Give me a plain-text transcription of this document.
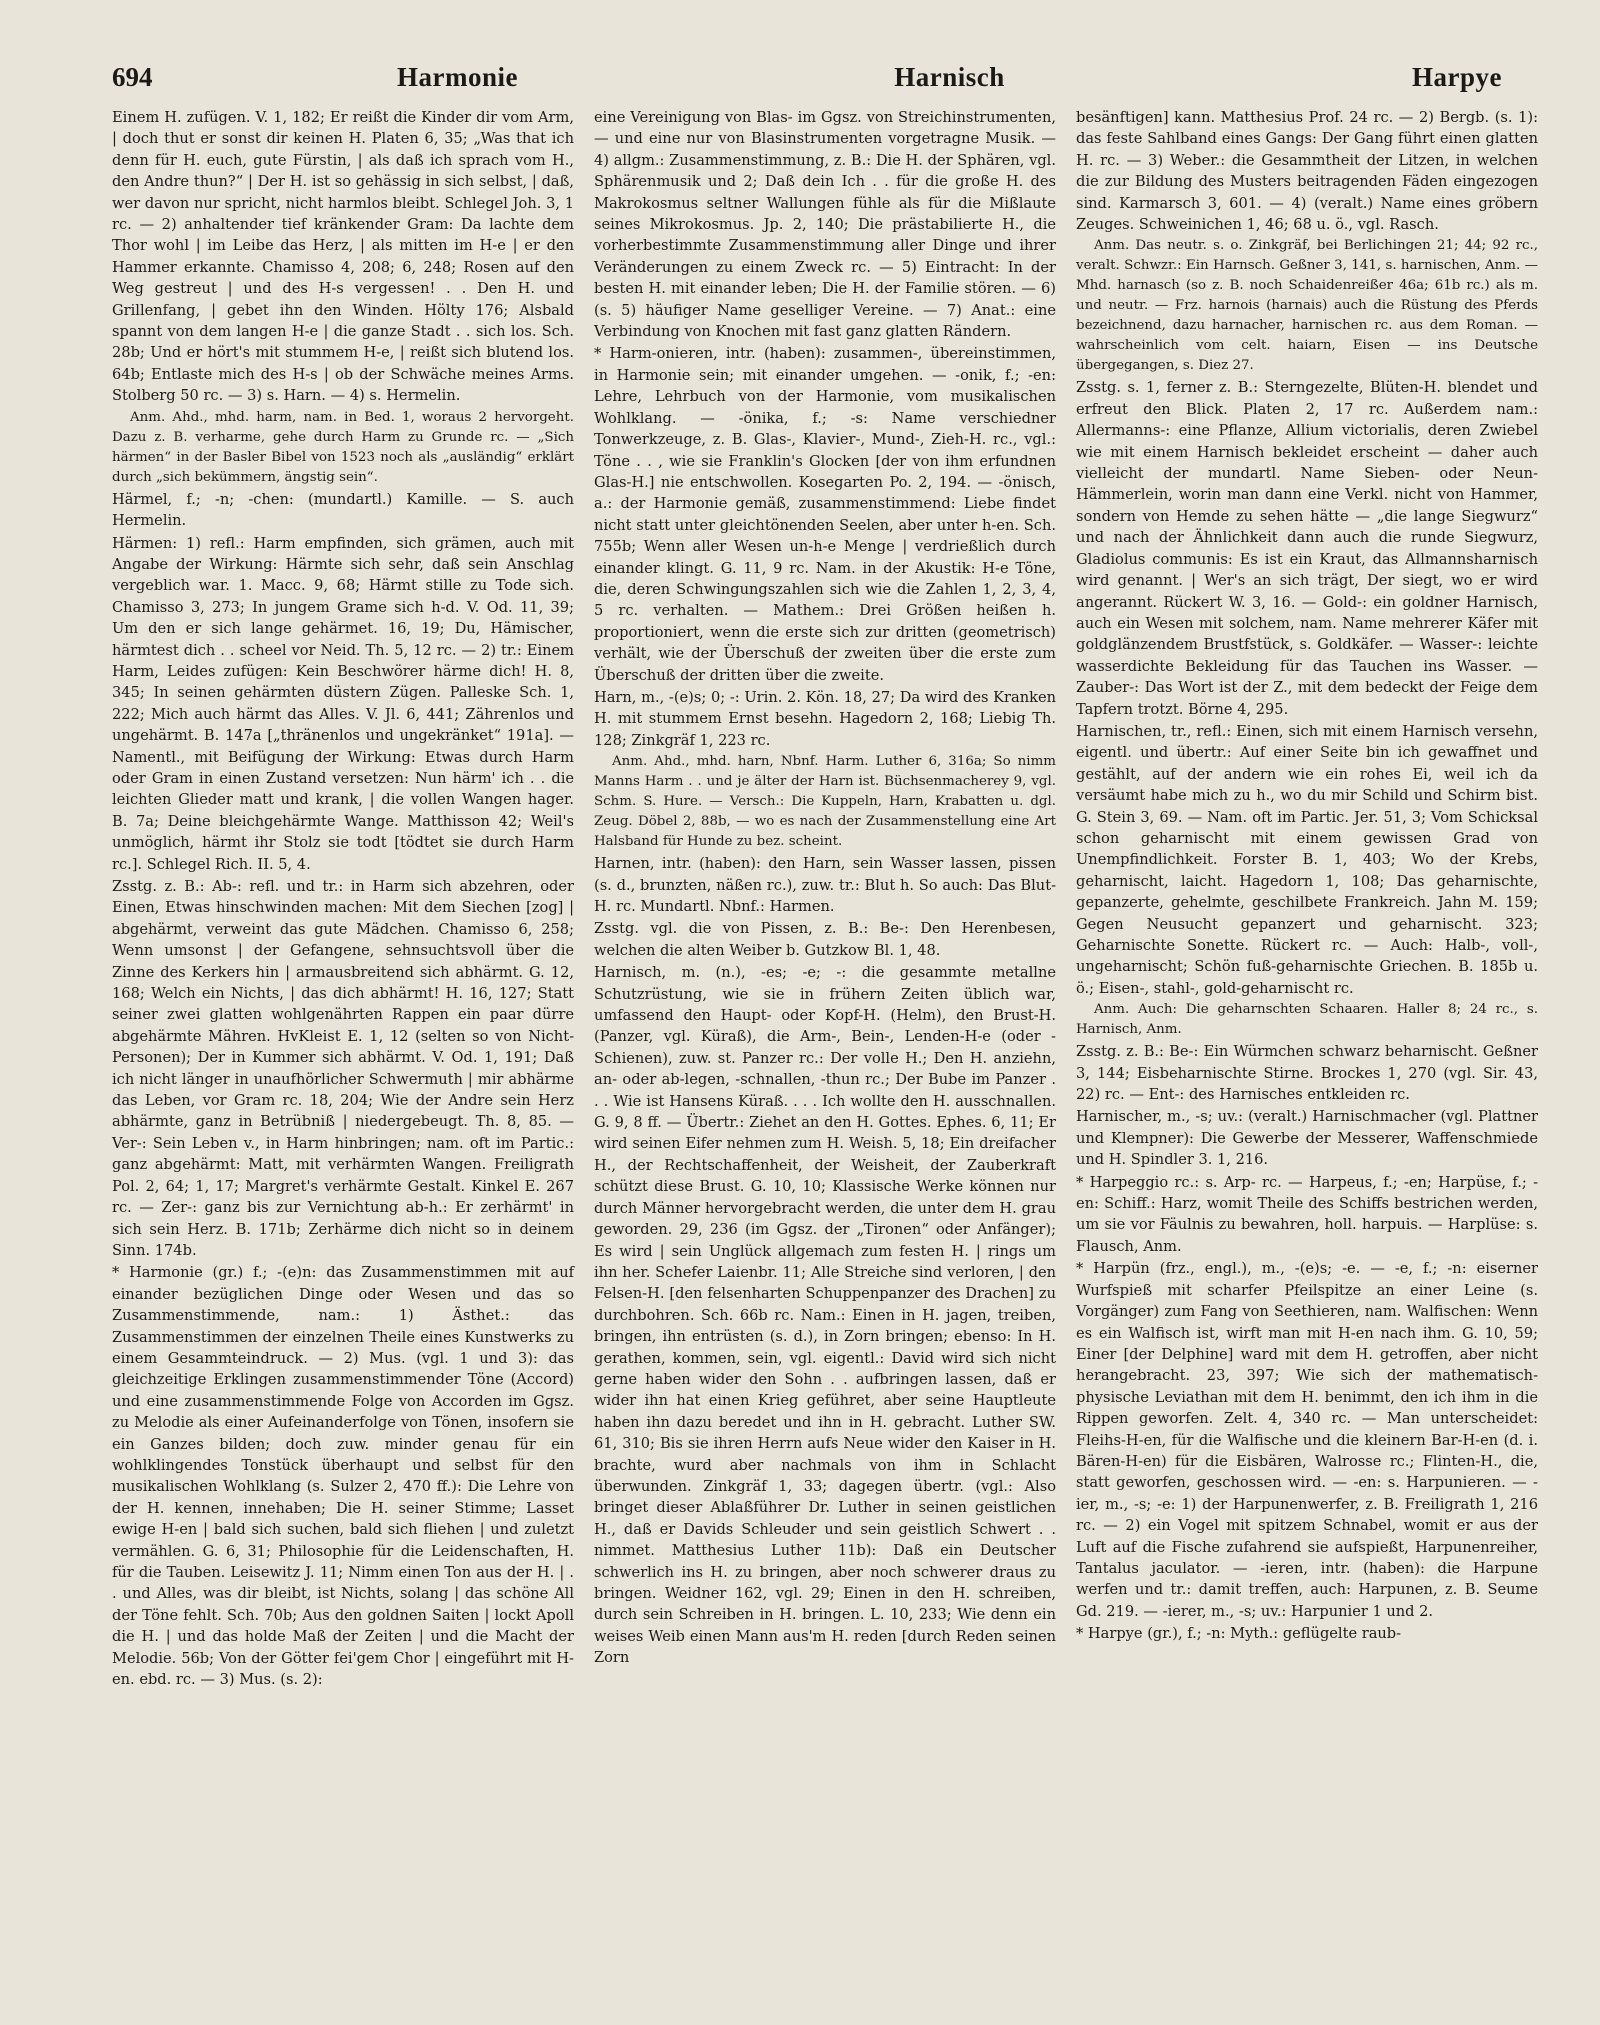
694	Harmonie	Harnisch	Harpye

Einem H. zufügen. V. 1, 182; Er reißt die Kinder dir vom Arm, | doch thut er sonst dir keinen H. Platen 6, 35; „Was that ich denn für H. euch, gute Fürstin, | als daß ich sprach vom H., den Andre thun?“ | Der H. ist so gehässig in sich selbst, | daß, wer davon nur spricht, nicht harmlos bleibt. Schlegel Joh. 3, 1 rc. — 2) anhaltender tief kränkender Gram: Da lachte dem Thor wohl | im Leibe das Herz, | als mitten im H-e | er den Hammer erkannte. Chamisso 4, 208; 6, 248; Rosen auf den Weg gestreut | und des H-s vergessen! . . Den H. und Grillenfang, | gebet ihn den Winden. Hölty 176; Alsbald spannt von dem langen H-e | die ganze Stadt . . sich los. Sch. 28b; Und er hört's mit stummem H-e, | reißt sich blutend los. 64b; Entlaste mich des H-s | ob der Schwäche meines Arms. Stolberg 50 rc. — 3) s. Harn. — 4) s. Hermelin.

Anm. Ahd., mhd. harm, nam. in Bed. 1, woraus 2 hervorgeht. Dazu z. B. verharme, gehe durch Harm zu Grunde rc. — „Sich härmen“ in der Basler Bibel von 1523 noch als „ausländig“ erklärt durch „sich bekümmern, ängstig sein“.

Härmel, f.; -n; -chen: (mundartl.) Kamille. — S. auch Hermelin.

Härmen: 1) refl.: Harm empfinden, sich grämen, auch mit Angabe der Wirkung: Härmte sich sehr, daß sein Anschlag vergeblich war. 1. Macc. 9, 68; Härmt stille zu Tode sich. Chamisso 3, 273; In jungem Grame sich h-d. V. Od. 11, 39; Um den er sich lange gehärmet. 16, 19; Du, Hämischer, härmtest dich . . scheel vor Neid. Th. 5, 12 rc. — 2) tr.: Einem Harm, Leides zufügen: Kein Beschwörer härme dich! H. 8, 345; In seinen gehärmten düstern Zügen. Palleske Sch. 1, 222; Mich auch härmt das Alles. V. Jl. 6, 441; Zährenlos und ungehärmt. B. 147a [„thränenlos und ungekränket“ 191a]. — Namentl., mit Beifügung der Wirkung: Etwas durch Harm oder Gram in einen Zustand versetzen: Nun härm' ich . . die leichten Glieder matt und krank, | die vollen Wangen hager. B. 7a; Deine bleichgehärmte Wange. Matthisson 42; Weil's unmöglich, härmt ihr Stolz sie todt [tödtet sie durch Harm rc.]. Schlegel Rich. II. 5, 4.

Zsstg. z. B.: Ab-: refl. und tr.: in Harm sich abzehren, oder Einen, Etwas hinschwinden machen: Mit dem Siechen [zog] | abgehärmt, verweint das gute Mädchen. Chamisso 6, 258; Wenn umsonst | der Gefangene, sehnsuchtsvoll über die Zinne des Kerkers hin | armausbreitend sich abhärmt. G. 12, 168; Welch ein Nichts, | das dich abhärmt! H. 16, 127; Statt seiner zwei glatten wohlgenährten Rappen ein paar dürre abgehärmte Mähren. HvKleist E. 1, 12 (selten so von Nicht-Personen); Der in Kummer sich abhärmt. V. Od. 1, 191; Daß ich nicht länger in unaufhörlicher Schwermuth | mir abhärme das Leben, vor Gram rc. 18, 204; Wie der Andre sein Herz abhärmte, ganz in Betrübniß | niedergebeugt. Th. 8, 85. — Ver-: Sein Leben v., in Harm hinbringen; nam. oft im Partic.: ganz abgehärmt: Matt, mit verhärmten Wangen. Freiligrath Pol. 2, 64; 1, 17; Margret's verhärmte Gestalt. Kinkel E. 267 rc. — Zer-: ganz bis zur Vernichtung ab-h.: Er zerhärmt' in sich sein Herz. B. 171b; Zerhärme dich nicht so in deinem Sinn. 174b.

* Harmonie (gr.) f.; -(e)n: das Zusammenstimmen mit auf einander bezüglichen Dinge oder Wesen und das so Zusammenstimmende, nam.: 1) Ästhet.: das Zusammenstimmen der einzelnen Theile eines Kunstwerks zu einem Gesammteindruck. — 2) Mus. (vgl. 1 und 3): das gleichzeitige Erklingen zusammenstimmender Töne (Accord) und eine zusammenstimmende Folge von Accorden im Ggsz. zu Melodie als einer Aufeinanderfolge von Tönen, insofern sie ein Ganzes bilden; doch zuw. minder genau für ein wohlklingendes Tonstück überhaupt und selbst für den musikalischen Wohlklang (s. Sulzer 2, 470 ff.): Die Lehre von der H. kennen, innehaben; Die H. seiner Stimme; Lasset ewige H-en | bald sich suchen, bald sich fliehen | und zuletzt vermählen. G. 6, 31; Philosophie für die Leidenschaften, H. für die Tauben. Leisewitz J. 11; Nimm einen Ton aus der H. | . . und Alles, was dir bleibt, ist Nichts, solang | das schöne All der Töne fehlt. Sch. 70b; Aus den goldnen Saiten | lockt Apoll die H. | und das holde Maß der Zeiten | und die Macht der Melodie. 56b; Von der Götter fei'gem Chor | eingeführt mit H-en. ebd. rc. — 3) Mus. (s. 2):

eine Vereinigung von Blas- im Ggsz. von Streichinstrumenten, — und eine nur von Blasinstrumenten vorgetragne Musik. — 4) allgm.: Zusammenstimmung, z. B.: Die H. der Sphären, vgl. Sphärenmusik und 2; Daß dein Ich . . für die große H. des Makrokosmus seltner Wallungen fühle als für die Mißlaute seines Mikrokosmus. Jp. 2, 140; Die prästabilierte H., die vorherbestimmte Zusammenstimmung aller Dinge und ihrer Veränderungen zu einem Zweck rc. — 5) Eintracht: In der besten H. mit einander leben; Die H. der Familie stören. — 6) (s. 5) häufiger Name geselliger Vereine. — 7) Anat.: eine Verbindung von Knochen mit fast ganz glatten Rändern.

* Harm-onieren, intr. (haben): zusammen-, übereinstimmen, in Harmonie sein; mit einander umgehen. — -onik, f.; -en: Lehre, Lehrbuch von der Harmonie, vom musikalischen Wohlklang. — -önika, f.; -s: Name verschiedner Tonwerkzeuge, z. B. Glas-, Klavier-, Mund-, Zieh-H. rc., vgl.: Töne . . , wie sie Franklin's Glocken [der von ihm erfundnen Glas-H.] nie entschwollen. Kosegarten Po. 2, 194. — -önisch, a.: der Harmonie gemäß, zusammenstimmend: Liebe findet nicht statt unter gleichtönenden Seelen, aber unter h-en. Sch. 755b; Wenn aller Wesen un-h-e Menge | verdrießlich durch einander klingt. G. 11, 9 rc. Nam. in der Akustik: H-e Töne, die, deren Schwingungszahlen sich wie die Zahlen 1, 2, 3, 4, 5 rc. verhalten. — Mathem.: Drei Größen heißen h. proportioniert, wenn die erste sich zur dritten (geometrisch) verhält, wie der Überschuß der zweiten über die erste zum Überschuß der dritten über die zweite.

Harn, m., -(e)s; 0; -: Urin. 2. Kön. 18, 27; Da wird des Kranken H. mit stummem Ernst besehn. Hagedorn 2, 168; Liebig Th. 128; Zinkgräf 1, 223 rc.

Anm. Ahd., mhd. harn, Nbnf. Harm. Luther 6, 316a; So nimm Manns Harm . . und je älter der Harn ist. Büchsenmacherey 9, vgl. Schm. S. Hure. — Versch.: Die Kuppeln, Harn, Krabatten u. dgl. Zeug. Döbel 2, 88b, — wo es nach der Zusammenstellung eine Art Halsband für Hunde zu bez. scheint.

Harnen, intr. (haben): den Harn, sein Wasser lassen, pissen (s. d., brunzten, näßen rc.), zuw. tr.: Blut h. So auch: Das Blut-H. rc. Mundartl. Nbnf.: Harmen.

Zsstg. vgl. die von Pissen, z. B.: Be-: Den Herenbesen, welchen die alten Weiber b. Gutzkow Bl. 1, 48.

Harnisch, m. (n.), -es; -e; -: die gesammte metallne Schutzrüstung, wie sie in frühern Zeiten üblich war, umfassend den Haupt- oder Kopf-H. (Helm), den Brust-H. (Panzer, vgl. Küraß), die Arm-, Bein-, Lenden-H-e (oder -Schienen), zuw. st. Panzer rc.: Der volle H.; Den H. anziehn, an- oder ab-legen, -schnallen, -thun rc.; Der Bube im Panzer . . . Wie ist Hansens Küraß. . . . Ich wollte den H. ausschnallen. G. 9, 8 ff. — Übertr.: Ziehet an den H. Gottes. Ephes. 6, 11; Er wird seinen Eifer nehmen zum H. Weish. 5, 18; Ein dreifacher H., der Rechtschaffenheit, der Weisheit, der Zauberkraft schützt diese Brust. G. 10, 10; Klassische Werke können nur durch Männer hervorgebracht werden, die unter dem H. grau geworden. 29, 236 (im Ggsz. der „Tironen“ oder Anfänger); Es wird | sein Unglück allgemach zum festen H. | rings um ihn her. Schefer Laienbr. 11; Alle Streiche sind verloren, | den Felsen-H. [den felsenharten Schuppenpanzer des Drachen] zu durchbohren. Sch. 66b rc. Nam.: Einen in H. jagen, treiben, bringen, ihn entrüsten (s. d.), in Zorn bringen; ebenso: In H. gerathen, kommen, sein, vgl. eigentl.: David wird sich nicht gerne haben wider den Sohn . . aufbringen lassen, daß er wider ihn hat einen Krieg geführet, aber seine Hauptleute haben ihn dazu beredet und ihn in H. gebracht. Luther SW. 61, 310; Bis sie ihren Herrn aufs Neue wider den Kaiser in H. brachte, wurd aber nachmals von ihm in Schlacht überwunden. Zinkgräf 1, 33; dagegen übertr. (vgl.: Also bringet dieser Ablaßführer Dr. Luther in seinen geistlichen H., daß er Davids Schleuder und sein geistlich Schwert . . nimmet. Matthesius Luther 11b): Daß ein Deutscher schwerlich ins H. zu bringen, aber noch schwerer draus zu bringen. Weidner 162, vgl. 29; Einen in den H. schreiben, durch sein Schreiben in H. bringen. L. 10, 233; Wie denn ein weises Weib einen Mann aus'm H. reden [durch Reden seinen Zorn

besänftigen] kann. Matthesius Prof. 24 rc. — 2) Bergb. (s. 1): das feste Sahlband eines Gangs: Der Gang führt einen glatten H. rc. — 3) Weber.: die Gesammtheit der Litzen, in welchen die zur Bildung des Musters beitragenden Fäden eingezogen sind. Karmarsch 3, 601. — 4) (veralt.) Name eines gröbern Zeuges. Schweinichen 1, 46; 68 u. ö., vgl. Rasch.

Anm. Das neutr. s. o. Zinkgräf, bei Berlichingen 21; 44; 92 rc., veralt. Schwzr.: Ein Harnsch. Geßner 3, 141, s. harnischen, Anm. — Mhd. harnasch (so z. B. noch Schaidenreißer 46a; 61b rc.) als m. und neutr. — Frz. harnois (harnais) auch die Rüstung des Pferds bezeichnend, dazu harnacher, harnischen rc. aus dem Roman. — wahrscheinlich vom celt. haiarn, Eisen — ins Deutsche übergegangen, s. Diez 27.

Zsstg. s. 1, ferner z. B.: Sterngezelte, Blüten-H. blendet und erfreut den Blick. Platen 2, 17 rc. Außerdem nam.: Allermanns-: eine Pflanze, Allium victorialis, deren Zwiebel wie mit einem Harnisch bekleidet erscheint — daher auch vielleicht der mundartl. Name Sieben- oder Neun-Hämmerlein, worin man dann eine Verkl. nicht von Hammer, sondern von Hemde zu sehen hätte — „die lange Siegwurz“ und nach der Ähnlichkeit dann auch die runde Siegwurz, Gladiolus communis: Es ist ein Kraut, das Allmannsharnisch wird genannt. | Wer's an sich trägt, Der siegt, wo er wird angerannt. Rückert W. 3, 16. — Gold-: ein goldner Harnisch, auch ein Wesen mit solchem, nam. Name mehrerer Käfer mit goldglänzendem Brustfstück, s. Goldkäfer. — Wasser-: leichte wasserdichte Bekleidung für das Tauchen ins Wasser. — Zauber-: Das Wort ist der Z., mit dem bedeckt der Feige dem Tapfern trotzt. Börne 4, 295.

Harnischen, tr., refl.: Einen, sich mit einem Harnisch versehn, eigentl. und übertr.: Auf einer Seite bin ich gewaffnet und gestählt, auf der andern wie ein rohes Ei, weil ich da versäumt habe mich zu h., wo du mir Schild und Schirm bist. G. Stein 3, 69. — Nam. oft im Partic. Jer. 51, 3; Vom Schicksal schon geharnischt mit einem gewissen Grad von Unempfindlichkeit. Forster B. 1, 403; Wo der Krebs, geharnischt, laicht. Hagedorn 1, 108; Das geharnischte, gepanzerte, gehelmte, geschilbete Frankreich. Jahn M. 159; Gegen Neusucht gepanzert und geharnischt. 323; Geharnischte Sonette. Rückert rc. — Auch: Halb-, voll-, ungeharnischt; Schön fuß-geharnischte Griechen. B. 185b u. ö.; Eisen-, stahl-, gold-geharnischt rc.

Anm. Auch: Die geharnschten Schaaren. Haller 8; 24 rc., s. Harnisch, Anm.

Zsstg. z. B.: Be-: Ein Würmchen schwarz beharnischt. Geßner 3, 144; Eisbeharnischte Stirne. Brockes 1, 270 (vgl. Sir. 43, 22) rc. — Ent-: des Harnisches entkleiden rc.

Harnischer, m., -s; uv.: (veralt.) Harnischmacher (vgl. Plattner und Klempner): Die Gewerbe der Messerer, Waffenschmiede und H. Spindler 3. 1, 216.

* Harpeggio rc.: s. Arp- rc. — Harpeus, f.; -en; Harpüse, f.; -en: Schiff.: Harz, womit Theile des Schiffs bestrichen werden, um sie vor Fäulnis zu bewahren, holl. harpuis. — Harplüse: s. Flausch, Anm.

* Harpün (frz., engl.), m., -(e)s; -e. — -e, f.; -n: eiserner Wurfspieß mit scharfer Pfeilspitze an einer Leine (s. Vorgänger) zum Fang von Seethieren, nam. Walfischen: Wenn es ein Walfisch ist, wirft man mit H-en nach ihm. G. 10, 59; Einer [der Delphine] ward mit dem H. getroffen, aber nicht herangebracht. 23, 397; Wie sich der mathematisch-physische Leviathan mit dem H. benimmt, den ich ihm in die Rippen geworfen. Zelt. 4, 340 rc. — Man unterscheidet: Fleihs-H-en, für die Walfische und die kleinern Bar-H-en (d. i. Bären-H-en) für die Eisbären, Walrosse rc.; Flinten-H., die, statt geworfen, geschossen wird. — -en: s. Harpunieren. — -ier, m., -s; -e: 1) der Harpunenwerfer, z. B. Freiligrath 1, 216 rc. — 2) ein Vogel mit spitzem Schnabel, womit er aus der Luft auf die Fische zufahrend sie aufspießt, Harpunenreiher, Tantalus jaculator. — -ieren, intr. (haben): die Harpune werfen und tr.: damit treffen, auch: Harpunen, z. B. Seume Gd. 219. — -ierer, m., -s; uv.: Harpunier 1 und 2.

* Harpye (gr.), f.; -n: Myth.: geflügelte raub-
